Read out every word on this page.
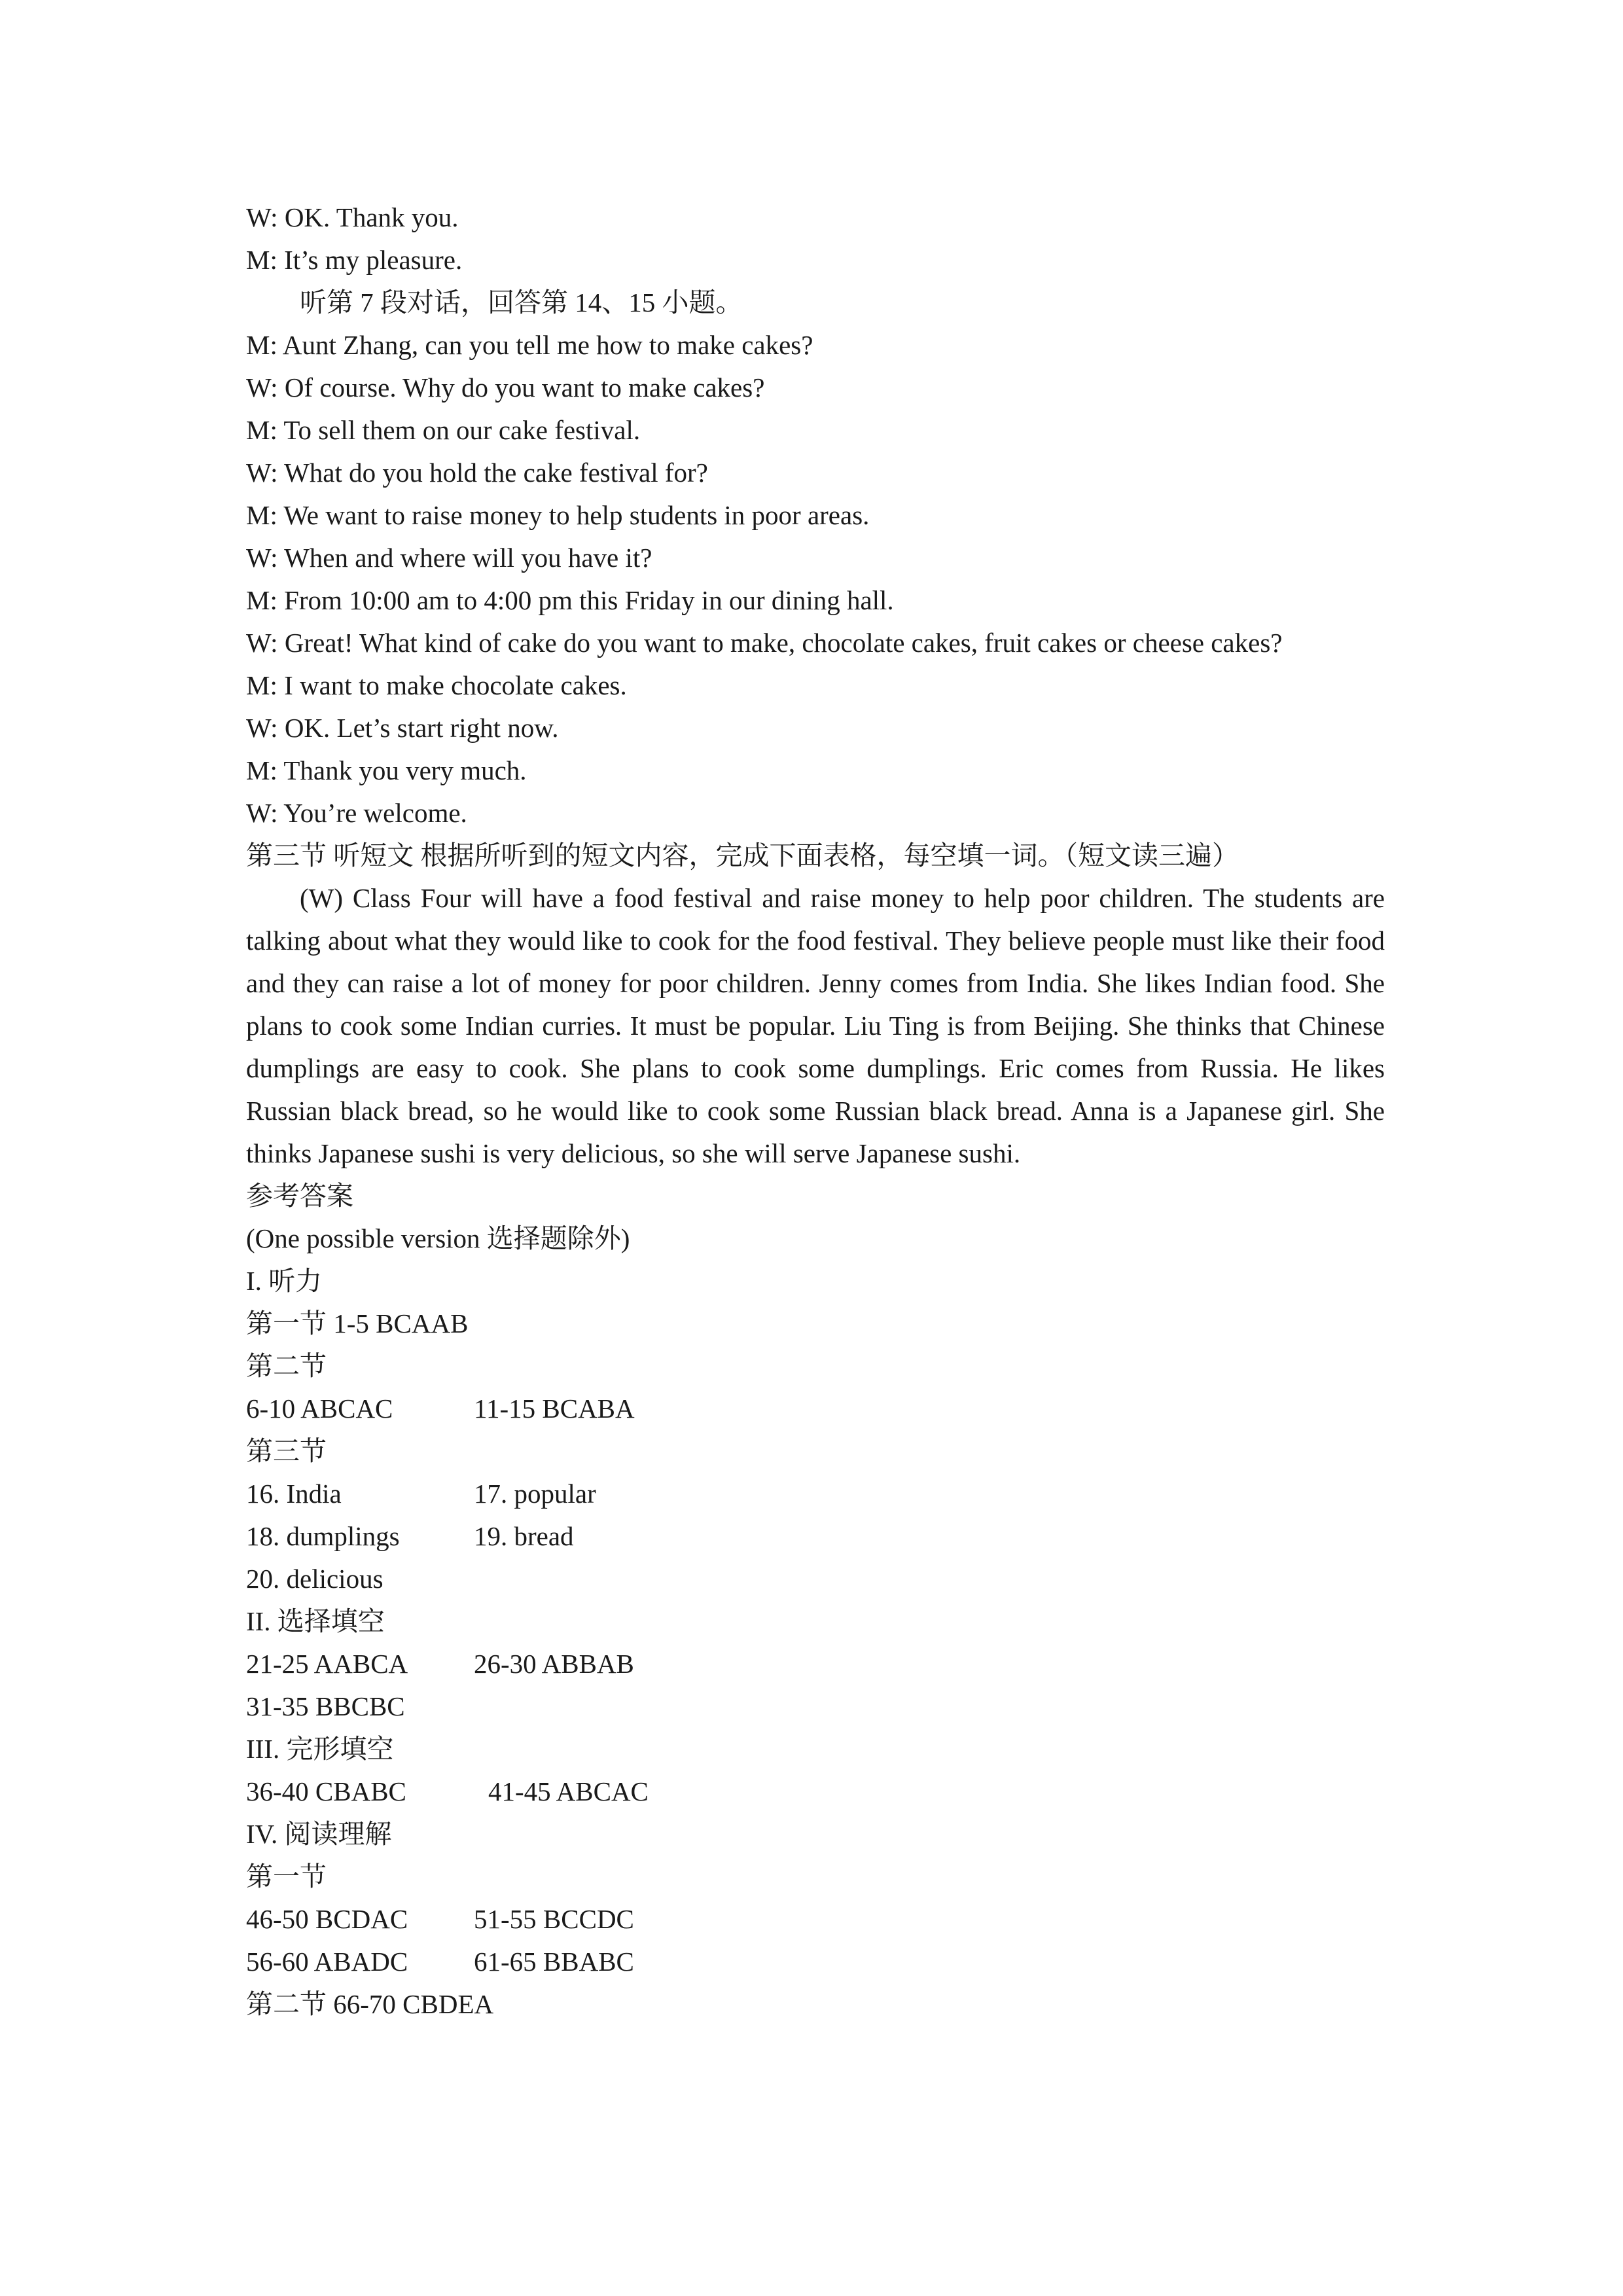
W: OK. Thank you.
M: It’s my pleasure.
听第 7 段对话，回答第 14、15 小题。
M: Aunt Zhang, can you tell me how to make cakes?
W: Of course. Why do you want to make cakes?
M: To sell them on our cake festival.
W: What do you hold the cake festival for?
M: We want to raise money to help students in poor areas.
W: When and where will you have it?
M: From 10:00 am to 4:00 pm this Friday in our dining hall.
W: Great! What kind of cake do you want to make, chocolate cakes, fruit cakes or cheese cakes?
M: I want to make chocolate cakes.
W: OK. Let’s start right now.
M: Thank you very much.
W: You’re welcome.
第三节 听短文 根据所听到的短文内容，完成下面表格，每空填一词。（短文读三遍）

(W) Class Four will have a food festival and raise money to help poor children. The students are talking about what they would like to cook for the food festival. They believe people must like their food and they can raise a lot of money for poor children. Jenny comes from India. She likes Indian food. She plans to cook some Indian curries. It must be popular. Liu Ting is from Beijing. She thinks that Chinese dumplings are easy to cook. She plans to cook some dumplings. Eric comes from Russia. He likes Russian black bread, so he would like to cook some Russian black bread. Anna is a Japanese girl. She thinks Japanese sushi is very delicious, so she will serve Japanese sushi.

参考答案
(One possible version 选择题除外)
I. 听力
第一节 1-5 BCAAB
第二节
6-10 ABCAC	11-15 BCABA
第三节
16. India	17. popular
18. dumplings	19. bread
20. delicious
II. 选择填空
21-25 AABCA	26-30 ABBAB
31-35 BBCBC
III. 完形填空
36-40 CBABC	41-45 ABCAC
IV. 阅读理解
第一节
46-50 BCDAC	51-55 BCCDC
56-60 ABADC	61-65 BBABC
第二节 66-70 CBDEA
